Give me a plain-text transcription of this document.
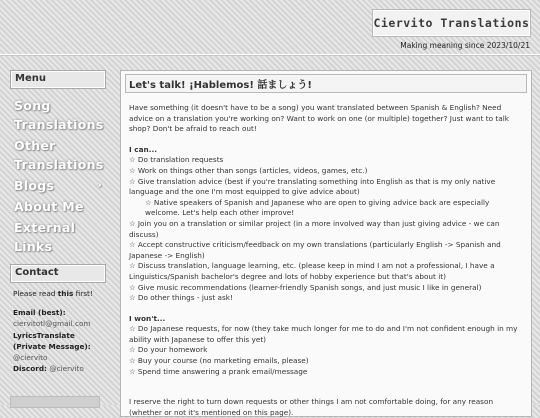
Ciervito Translations
Making meaning since 2023/10/21
Menu
Song Translations
Other Translations
Blogs	›
About Me
External Links
Contact
Please read this first!
Email (best):
ciervitotl@gmail.com
LyricsTranslate (Private Message):
@ciervito
Discord: @ciervito
Let's talk! ¡Hablemos! 話ましょう!

Have something (it doesn't have to be a song) you want translated between Spanish & English? Need advice on a translation you're working on? Want to work on one (or multiple) together? Just want to talk shop? Don't be afraid to reach out!

I can...
☆ Do translation requests
☆ Work on things other than songs (articles, videos, games, etc.)
☆ Give translation advice (best if you're translating something into English as that is my only native language and the one I'm most equipped to give advice about)
☆ Native speakers of Spanish and Japanese who are open to giving advice back are especially welcome. Let's help each other improve!
☆ Join you on a translation or similar project (in a more involved way than just giving advice - we can discuss)
☆ Accept constructive criticism/feedback on my own translations (particularly English -> Spanish and Japanese -> English)
☆ Discuss translation, language learning, etc. (please keep in mind I am not a professional, I have a Linguistics/Spanish bachelor's degree and lots of hobby experience but that's about it)
☆ Give music recommendations (learner-friendly Spanish songs, and just music I like in general)
☆ Do other things - just ask!
I won't...
☆ Do Japanese requests, for now (they take much longer for me to do and I'm not confident enough in my ability with Japanese to offer this yet)
☆ Do your homework
☆ Buy your course (no marketing emails, please)
☆ Spend time answering a prank email/message

I reserve the right to turn down requests or other things I am not comfortable doing, for any reason (whether or not it's mentioned on this page).
